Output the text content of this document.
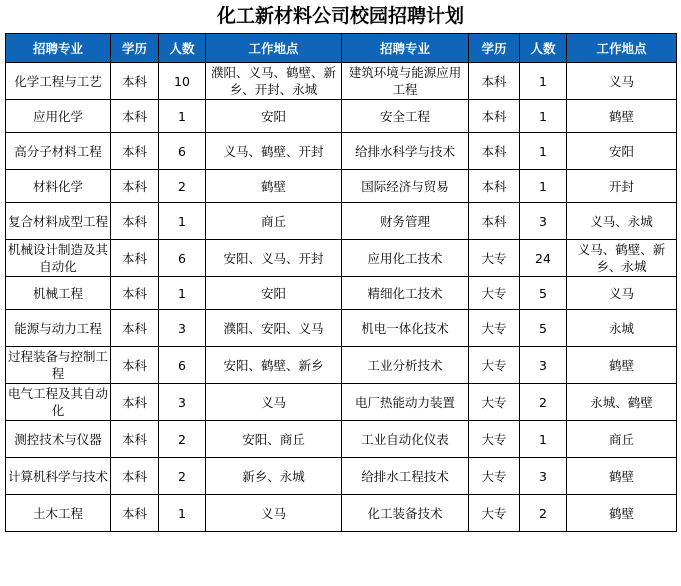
化工新材料公司校园招聘计划
招聘专业	学历	人数	工作地点	招聘专业	学历	人数	工作地点
化学工程与工艺	本科	10	濮阳、义马、鹤壁、新乡、开封、永城	建筑环境与能源应用工程	本科	1	义马
应用化学	本科	1	安阳	安全工程	本科	1	鹤壁
高分子材料工程	本科	6	义马、鹤壁、开封	给排水科学与技术	本科	1	安阳
材料化学	本科	2	鹤壁	国际经济与贸易	本科	1	开封
复合材料成型工程	本科	1	商丘	财务管理	本科	3	义马、永城
机械设计制造及其自动化	本科	6	安阳、义马、开封	应用化工技术	大专	24	义马、鹤壁、新乡、永城
机械工程	本科	1	安阳	精细化工技术	大专	5	义马
能源与动力工程	本科	3	濮阳、安阳、义马	机电一体化技术	大专	5	永城
过程装备与控制工程	本科	6	安阳、鹤壁、新乡	工业分析技术	大专	3	鹤壁
电气工程及其自动化	本科	3	义马	电厂热能动力装置	大专	2	永城、鹤壁
测控技术与仪器	本科	2	安阳、商丘	工业自动化仪表	大专	1	商丘
计算机科学与技术	本科	2	新乡、永城	给排水工程技术	大专	3	鹤壁
土木工程	本科	1	义马	化工装备技术	大专	2	鹤壁
